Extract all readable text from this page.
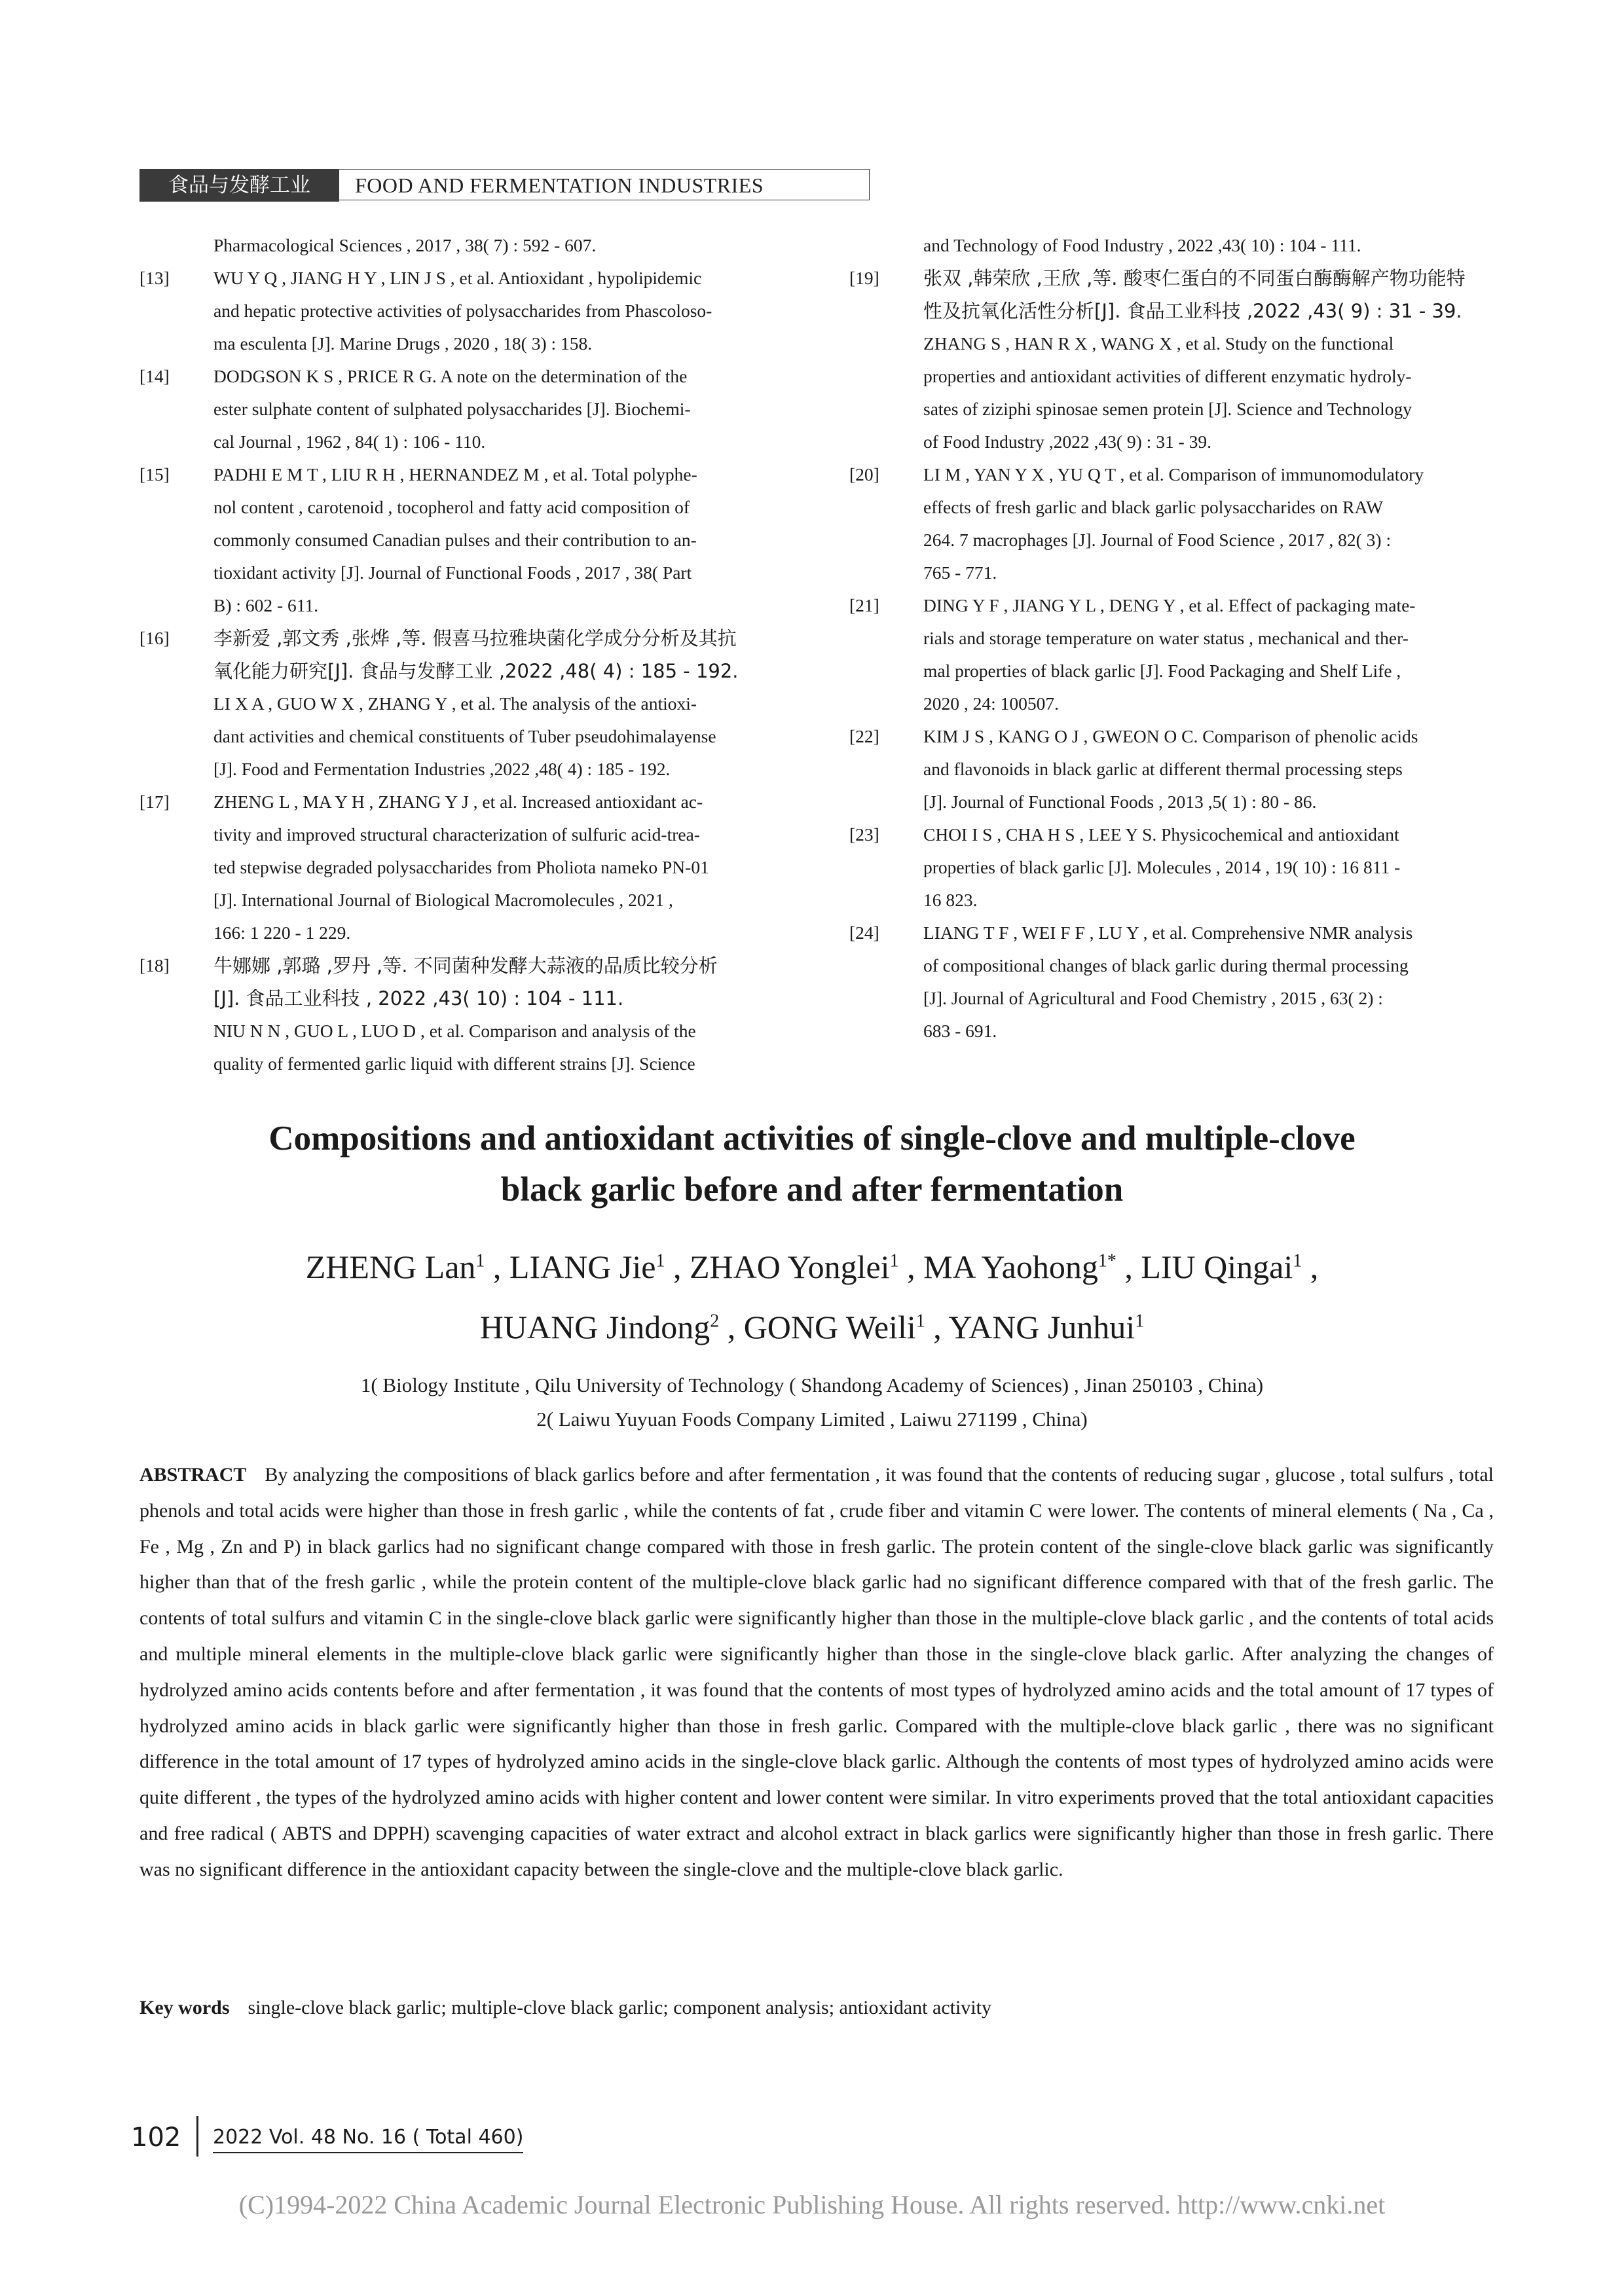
食品与发酵工业	FOOD AND FERMENTATION INDUSTRIES
Pharmacological Sciences , 2017 , 38( 7) : 592 - 607.
[13]	WU Y Q , JIANG H Y , LIN J S , et al. Antioxidant , hypolipidemic
and hepatic protective activities of polysaccharides from Phascoloso-
ma esculenta [J]. Marine Drugs , 2020 , 18( 3) : 158.
[14]	DODGSON K S , PRICE R G. A note on the determination of the
ester sulphate content of sulphated polysaccharides [J]. Biochemi-
cal Journal , 1962 , 84( 1) : 106 - 110.
[15]	PADHI E M T , LIU R H , HERNANDEZ M , et al. Total polyphe-
nol content , carotenoid , tocopherol and fatty acid composition of
commonly consumed Canadian pulses and their contribution to an-
tioxidant activity [J]. Journal of Functional Foods , 2017 , 38( Part
B) : 602 - 611.
[16]	李新爱 ,郭文秀 ,张烨 ,等. 假喜马拉雅块菌化学成分分析及其抗
氧化能力研究[J]. 食品与发酵工业 ,2022 ,48( 4) : 185 - 192.
LI X A , GUO W X , ZHANG Y , et al. The analysis of the antioxi-
dant activities and chemical constituents of Tuber pseudohimalayense
[J]. Food and Fermentation Industries ,2022 ,48( 4) : 185 - 192.
[17]	ZHENG L , MA Y H , ZHANG Y J , et al. Increased antioxidant ac-
tivity and improved structural characterization of sulfuric acid-trea-
ted stepwise degraded polysaccharides from Pholiota nameko PN-01
[J]. International Journal of Biological Macromolecules , 2021 ,
166: 1 220 - 1 229.
[18]	牛娜娜 ,郭璐 ,罗丹 ,等. 不同菌种发酵大蒜液的品质比较分析
[J]. 食品工业科技 , 2022 ,43( 10) : 104 - 111.
NIU N N , GUO L , LUO D , et al. Comparison and analysis of the
quality of fermented garlic liquid with different strains [J]. Science
and Technology of Food Industry , 2022 ,43( 10) : 104 - 111.
[19]	张双 ,韩荣欣 ,王欣 ,等. 酸枣仁蛋白的不同蛋白酶酶解产物功能特
性及抗氧化活性分析[J]. 食品工业科技 ,2022 ,43( 9) : 31 - 39.
ZHANG S , HAN R X , WANG X , et al. Study on the functional
properties and antioxidant activities of different enzymatic hydroly-
sates of ziziphi spinosae semen protein [J]. Science and Technology
of Food Industry ,2022 ,43( 9) : 31 - 39.
[20]	LI M , YAN Y X , YU Q T , et al. Comparison of immunomodulatory
effects of fresh garlic and black garlic polysaccharides on RAW
264. 7 macrophages [J]. Journal of Food Science , 2017 , 82( 3) :
765 - 771.
[21]	DING Y F , JIANG Y L , DENG Y , et al. Effect of packaging mate-
rials and storage temperature on water status , mechanical and ther-
mal properties of black garlic [J]. Food Packaging and Shelf Life ,
2020 , 24: 100507.
[22]	KIM J S , KANG O J , GWEON O C. Comparison of phenolic acids
and flavonoids in black garlic at different thermal processing steps
[J]. Journal of Functional Foods , 2013 ,5( 1) : 80 - 86.
[23]	CHOI I S , CHA H S , LEE Y S. Physicochemical and antioxidant
properties of black garlic [J]. Molecules , 2014 , 19( 10) : 16 811 -
16 823.
[24]	LIANG T F , WEI F F , LU Y , et al. Comprehensive NMR analysis
of compositional changes of black garlic during thermal processing
[J]. Journal of Agricultural and Food Chemistry , 2015 , 63( 2) :
683 - 691.
Compositions and antioxidant activities of single-clove and multiple-clove
black garlic before and after fermentation
ZHENG Lan$^1$ , LIANG Jie$^1$ , ZHAO Yonglei$^1$ , MA Yaohong$^{1*}$ , LIU Qingai$^1$ ,
HUANG Jindong$^2$ , GONG Weili$^1$ , YANG Junhui$^1$
1( Biology Institute , Qilu University of Technology ( Shandong Academy of Sciences) , Jinan 250103 , China)
2( Laiwu Yuyuan Foods Company Limited , Laiwu 271199 , China)
ABSTRACT By analyzing the compositions of black garlics before and after fermentation , it was found that the contents of reducing sugar , glucose , total sulfurs , total phenols and total acids were higher than those in fresh garlic , while the contents of fat , crude fiber and vitamin C were lower. The contents of mineral elements ( Na , Ca , Fe , Mg , Zn and P) in black garlics had no significant change compared with those in fresh garlic. The protein content of the single-clove black garlic was significantly higher than that of the fresh garlic , while the protein content of the multiple-clove black garlic had no significant difference compared with that of the fresh garlic. The contents of total sulfurs and vitamin C in the single-clove black garlic were significantly higher than those in the multiple-clove black garlic , and the contents of total acids and multiple mineral elements in the multiple-clove black garlic were significantly higher than those in the single-clove black garlic. After analyzing the changes of hydrolyzed amino acids contents before and after fermentation , it was found that the contents of most types of hydrolyzed amino acids and the total amount of 17 types of hydrolyzed amino acids in black garlic were significantly higher than those in fresh garlic. Compared with the multiple-clove black garlic , there was no significant difference in the total amount of 17 types of hydrolyzed amino acids in the single-clove black garlic. Although the contents of most types of hydrolyzed amino acids were quite different , the types of the hydrolyzed amino acids with higher content and lower content were similar. In vitro experiments proved that the total antioxidant capacities and free radical ( ABTS and DPPH) scavenging capacities of water extract and alcohol extract in black garlics were significantly higher than those in fresh garlic. There was no significant difference in the antioxidant capacity between the single-clove and the multiple-clove black garlic.
Key words single-clove black garlic; multiple-clove black garlic; component analysis; antioxidant activity
102 2022 Vol. 48 No. 16 ( Total 460)
(C)1994-2022 China Academic Journal Electronic Publishing House. All rights reserved. http://www.cnki.net
